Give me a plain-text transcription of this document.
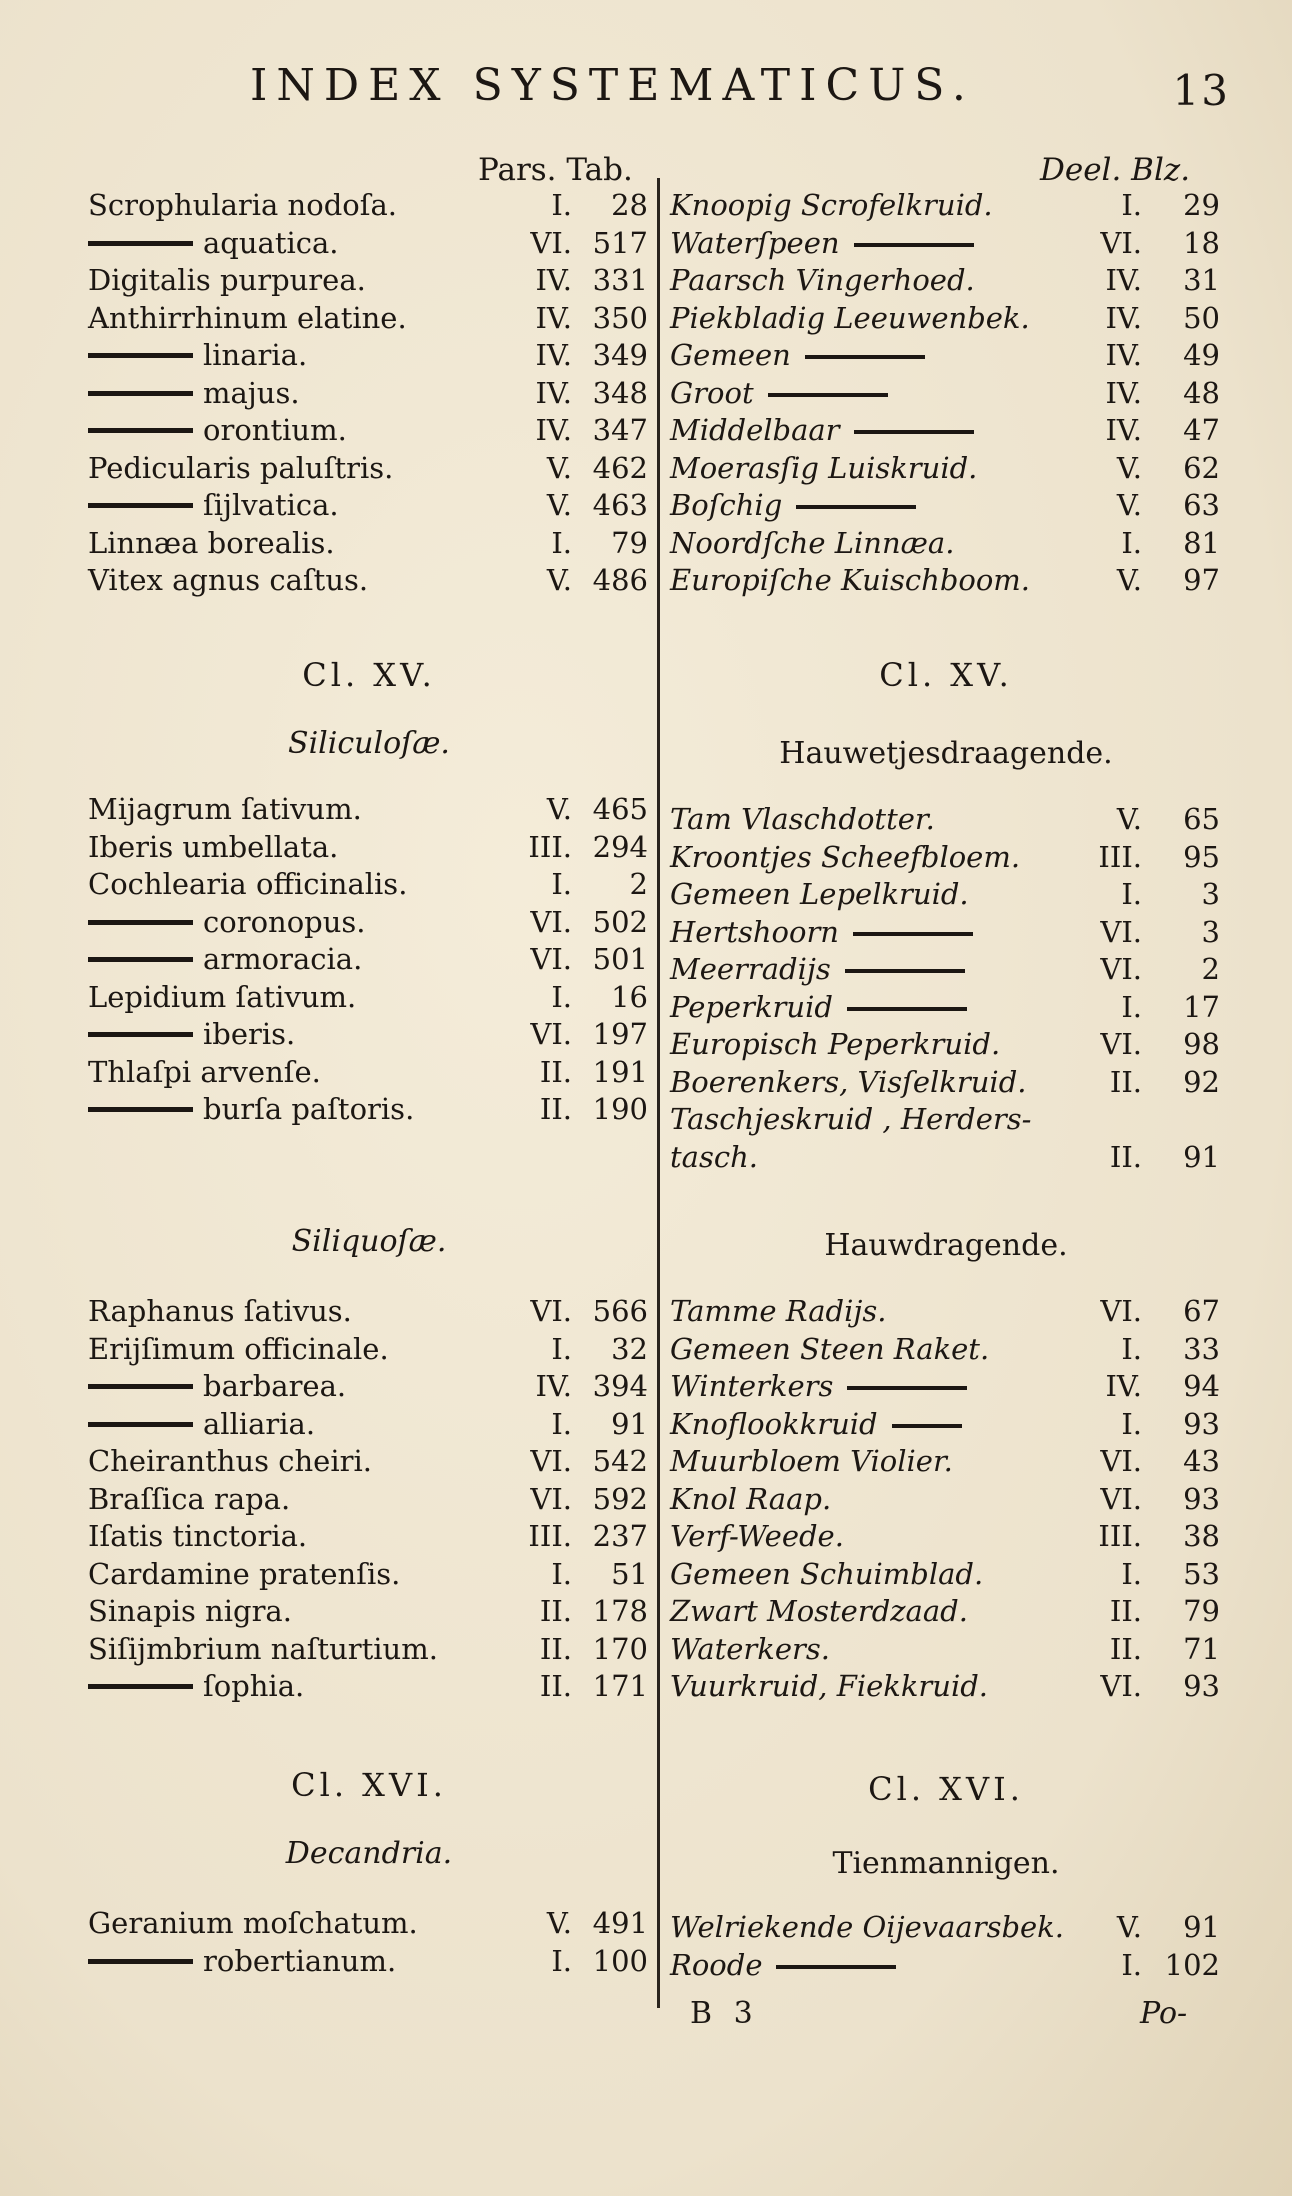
INDEX SYSTEMATICUS.	13
Pars. Tab.	Deel. Blz.
Scrophularia nodoſa.	I. 28
aquatica.	VI. 517
Digitalis purpurea.	IV. 331
Anthirrhinum elatine.	IV. 350
linaria.	IV. 349
majus.	IV. 348
orontium.	IV. 347
Pedicularis paluſtris.	V. 462
ſijlvatica.	V. 463
Linnæa borealis.	I. 79
Vitex agnus caſtus.	V. 486
Cl. XV.
Siliculoſæ.
Mijagrum ſativum.	V. 465
Iberis umbellata.	III. 294
Cochlearia officinalis.	I. 2
coronopus.	VI. 502
armoracia.	VI. 501
Lepidium ſativum.	I. 16
iberis.	VI. 197
Thlaſpi arvenſe.	II. 191
burſa paſtoris.	II. 190
Siliquoſæ.
Raphanus ſativus.	VI. 566
Erijſimum officinale.	I. 32
barbarea.	IV. 394
alliaria.	I. 91
Cheiranthus cheiri.	VI. 542
Braſſica rapa.	VI. 592
Iſatis tinctoria.	III. 237
Cardamine pratenſis.	I. 51
Sinapis nigra.	II. 178
Siſijmbrium naſturtium.	II. 170
ſophia.	II. 171
Cl. XVI.
Decandria.
Geranium moſchatum.	V. 491
robertianum.	I. 100
Knoopig Scrofelkruid.	I. 29
Waterſpeen	VI. 18
Paarsch Vingerhoed.	IV. 31
Piekbladig Leeuwenbek.	IV. 50
Gemeen	IV. 49
Groot	IV. 48
Middelbaar	IV. 47
Moerasſig Luiskruid.	V. 62
Boſchig	V. 63
Noordſche Linnæa.	I. 81
Europiſche Kuischboom.	V. 97
Cl. XV.
Hauwetjesdraagende.
Tam Vlaschdotter.	V. 65
Kroontjes Scheefbloem.	III. 95
Gemeen Lepelkruid.	I. 3
Hertshoorn	VI. 3
Meerradijs	VI. 2
Peperkruid	I. 17
Europisch Peperkruid.	VI. 98
Boerenkers, Visſelkruid.	II. 92
Taschjeskruid , Herders-
tasch.	II. 91
Hauwdragende.
Tamme Radijs.	VI. 67
Gemeen Steen Raket.	I. 33
Winterkers	IV. 94
Knoflookkruid	I. 93
Muurbloem Violier.	VI. 43
Knol Raap.	VI. 93
Verf-Weede.	III. 38
Gemeen Schuimblad.	I. 53
Zwart Mosterdzaad.	II. 79
Waterkers.	II. 71
Vuurkruid, Fiekkruid.	VI. 93
Cl. XVI.
Tienmannigen.
Welriekende Oijevaarsbek. V. 91
Roode	I. 102
B 3	Po-
